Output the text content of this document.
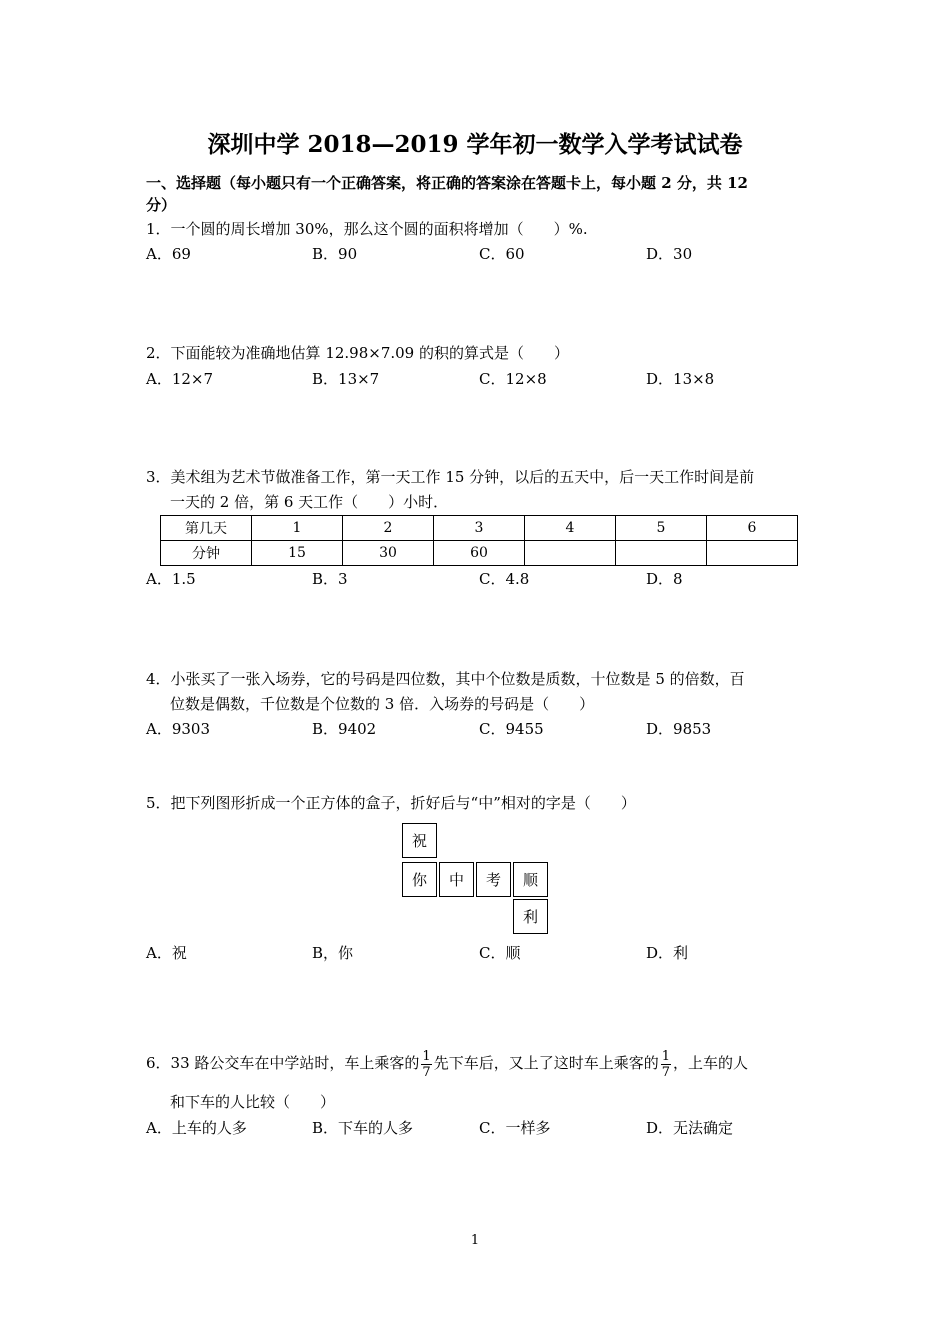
深圳中学 2018—2019 学年初一数学入学考试试卷
一、选择题（每小题只有一个正确答案，将正确的答案涂在答题卡上，每小题 2 分，共 12
分）
1．一个圆的周长增加 30%，那么这个圆的面积将增加（　　）%.
A．69	B．90	C．60	D．30
2．下面能较为准确地估算 12.98×7.09 的积的算式是（　　）
A．12×7	B．13×7	C．12×8	D．13×8
3．美术组为艺术节做准备工作，第一天工作 15 分钟，以后的五天中，后一天工作时间是前
一天的 2 倍，第 6 天工作（　　）小时．
第几天	1	2	3	4	5	6
分钟	15	30	60			
A．1.5	B．3	C．4.8	D．8
4．小张买了一张入场券，它的号码是四位数，其中个位数是质数，十位数是 5 的倍数，百
位数是偶数，千位数是个位数的 3 倍．入场券的号码是（　　）
A．9303	B．9402	C．9455	D．9853
5．把下列图形折成一个正方体的盒子，折好后与“中”相对的字是（　　）
祝
你	中	考	顺
利
A．祝	B，你	C．顺	D．利
6．33 路公交车在中学站时，车上乘客的 $\frac{1}{7}$ 先下车后，又上了这时车上乘客的 $\frac{1}{7}$ ，上车的人
和下车的人比较（　　）
A．上车的人多	B．下车的人多	C．一样多	D．无法确定
1
